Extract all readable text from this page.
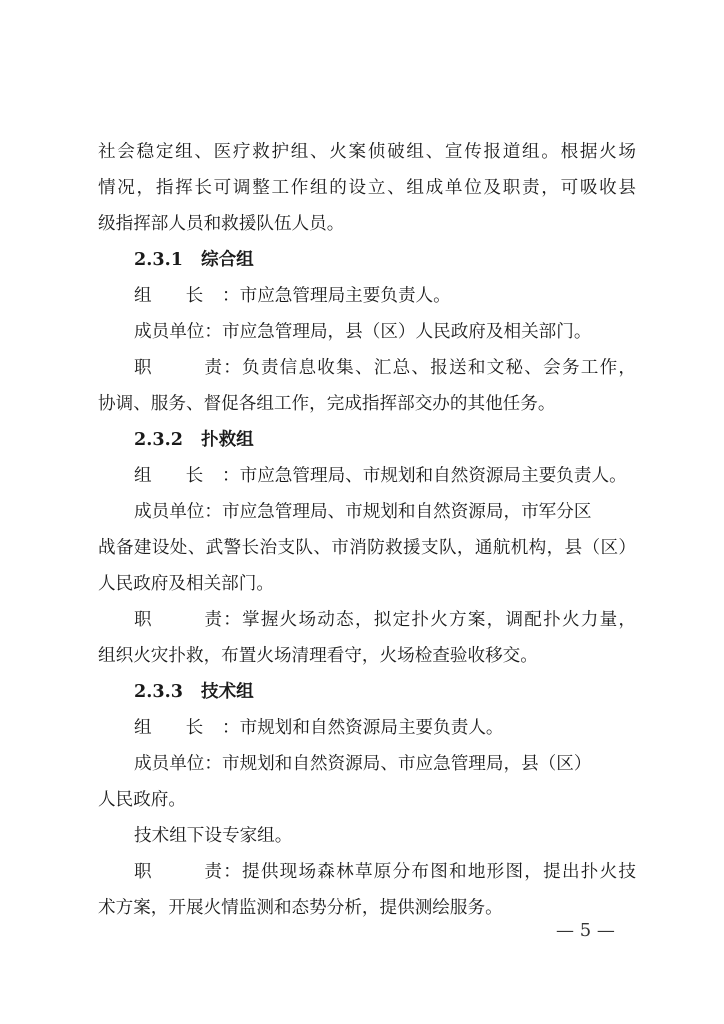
社会稳定组、医疗救护组、火案侦破组、宣传报道组。根据火场
情况，指挥长可调整工作组的设立、组成单位及职责，可吸收县
级指挥部人员和救援队伍人员。
2.3.1 综合组
组 长 ：市应急管理局主要负责人。
成员单位：市应急管理局，县（区）人民政府及相关部门。
职 责：负责信息收集、汇总、报送和文秘、会务工作，
协调、服务、督促各组工作，完成指挥部交办的其他任务。
2.3.2 扑救组
组 长 ：市应急管理局、市规划和自然资源局主要负责人。
成员单位：市应急管理局、市规划和自然资源局，市军分区
战备建设处、武警长治支队、市消防救援支队，通航机构，县（区）
人民政府及相关部门。
职 责：掌握火场动态，拟定扑火方案，调配扑火力量，
组织火灾扑救，布置火场清理看守，火场检查验收移交。
2.3.3 技术组
组 长 ：市规划和自然资源局主要负责人。
成员单位：市规划和自然资源局、市应急管理局，县（区）
人民政府。
技术组下设专家组。
职 责：提供现场森林草原分布图和地形图，提出扑火技
术方案，开展火情监测和态势分析，提供测绘服务。
— 5 —
